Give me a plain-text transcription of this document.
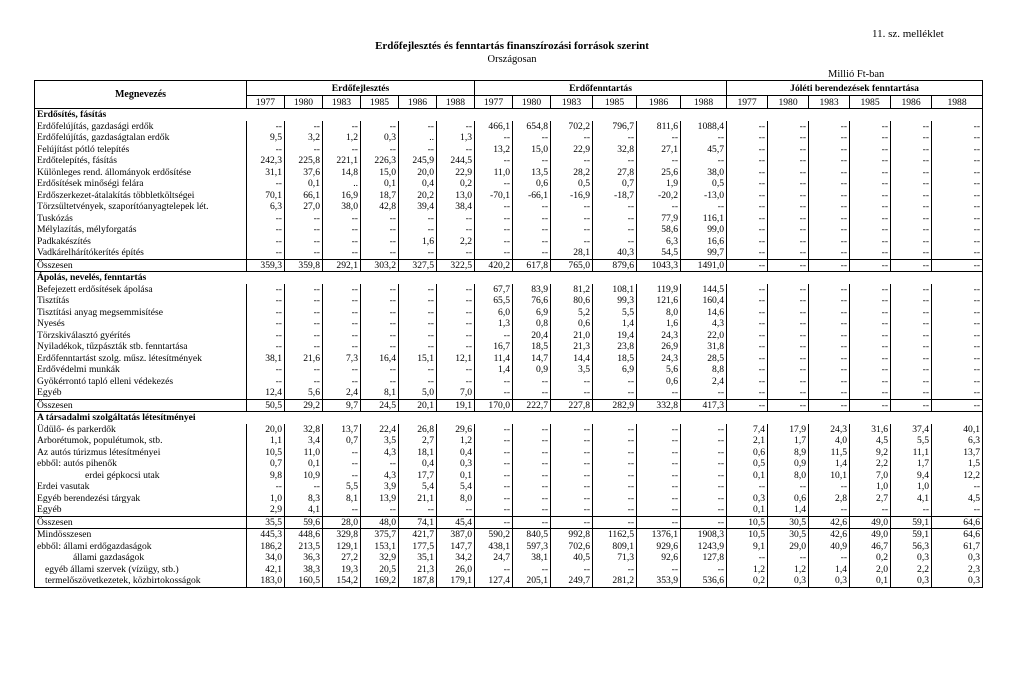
11. sz. melléklet
Erdőfejlesztés és fenntartás finanszírozási források szerint
Országosan
Millió Ft-ban
Megnevezés	Erdőfejlesztés						Erdőfenntartás						Jóléti berendezések fenntartása					
	1977	1980	1983	1985	1986	1988	1977	1980	1983	1985	1986	1988	1977	1980	1983	1985	1986	1988
Erdősítés, fásítás																		
Erdőfelújítás, gazdasági erdők	--	--	--	--	--	--	466,1	654,8	702,2	796,7	811,6	1088,4	--	--	--	--	--	--
Erdőfelújítás, gazdaságtalan erdők	9,5	3,2	1,2	0,3	..	1,3	--	--	--	--	--	--	--	--	--	--	--	--
Felújítást pótló telepítés	--	--	--	--	--	--	13,2	15,0	22,9	32,8	27,1	45,7	--	--	--	--	--	--
Erdőtelepítés, fásítás	242,3	225,8	221,1	226,3	245,9	244,5	--	--	--	--	--	--	--	--	--	--	--	--
Különleges rend. állományok erdősítése	31,1	37,6	14,8	15,0	20,0	22,9	11,0	13,5	28,2	27,8	25,6	38,0	--	--	--	--	--	--
Erdősítések minőségi felára	--	0,1	..	0,1	0,4	0,2	--	0,6	0,5	0,7	1,9	0,5	--	--	--	--	--	--
Erdőszerkezet-átalakítás többletköltségei	70,1	66,1	16,9	18,7	20,2	13,0	-70,1	-66,1	-16,9	-18,7	-20,2	-13,0	--	--	--	--	--	--
Törzsültetvények, szaporítóanyagtelepek lét.	6,3	27,0	38,0	42,8	39,4	38,4	--	--	--	--	--	--	--	--	--	--	--	--
Tuskózás	--	--	--	--	--	--	--	--	--	--	77,9	116,1	--	--	--	--	--	--
Mélylazítás, mélyforgatás	--	--	--	--	--	--	--	--	--	--	58,6	99,0	--	--	--	--	--	--
Padkakészítés	--	--	--	--	1,6	2,2	--	--	--	--	6,3	16,6	--	--	--	--	--	--
Vadkárelhárítókerítés építés	--	--	--	--	--	--	--	--	28,1	40,3	54,5	99,7	--	--	--	--	--	--
Összesen	359,3	359,8	292,1	303,2	327,5	322,5	420,2	617,8	765,0	879,6	1043,3	1491,0	--	--	--	--	--	--
Ápolás, nevelés, fenntartás																		
Befejezett erdősítések ápolása	--	--	--	--	--	--	67,7	83,9	81,2	108,1	119,9	144,5	--	--	--	--	--	--
Tisztítás	--	--	--	--	--	--	65,5	76,6	80,6	99,3	121,6	160,4	--	--	--	--	--	--
Tisztítási anyag megsemmisítése	--	--	--	--	--	--	6,0	6,9	5,2	5,5	8,0	14,6	--	--	--	--	--	--
Nyesés	--	--	--	--	--	--	1,3	0,8	0,6	1,4	1,6	4,3	--	--	--	--	--	--
Törzskiválasztó gyérítés	--	--	--	--	--	--	--	20,4	21,0	19,4	24,3	22,0	--	--	--	--	--	--
Nyiladékok, tűzpászták stb. fenntartása	--	--	--	--	--	--	16,7	18,5	21,3	23,8	26,9	31,8	--	--	--	--	--	--
Erdőfenntartást szolg. műsz. létesítmények	38,1	21,6	7,3	16,4	15,1	12,1	11,4	14,7	14,4	18,5	24,3	28,5	--	--	--	--	--	--
Erdővédelmi munkák	--	--	--	--	--	--	1,4	0,9	3,5	6,9	5,6	8,8	--	--	--	--	--	--
Gyökérrontó tapló elleni védekezés	--	--	--	--	--	--	--	--	--	--	0,6	2,4	--	--	--	--	--	--
Egyéb	12,4	5,6	2,4	8,1	5,0	7,0	--	--	--	--	--	--	--	--	--	--	--	--
Összesen	50,5	29,2	9,7	24,5	20,1	19,1	170,0	222,7	227,8	282,9	332,8	417,3	--	--	--	--	--	--
A társadalmi szolgáltatás létesítményei																		
Üdülő- és parkerdők	20,0	32,8	13,7	22,4	26,8	29,6	--	--	--	--	--	--	7,4	17,9	24,3	31,6	37,4	40,1
Arborétumok, populétumok, stb.	1,1	3,4	0,7	3,5	2,7	1,2	--	--	--	--	--	--	2,1	1,7	4,0	4,5	5,5	6,3
Az autós túrizmus létesítményei	10,5	11,0	--	4,3	18,1	0,4	--	--	--	--	--	--	0,6	8,9	11,5	9,2	11,1	13,7
ebből: autós pihenők	0,7	0,1	--	--	0,4	0,3	--	--	--	--	--	--	0,5	0,9	1,4	2,2	1,7	1,5
erdei gépkocsi utak	9,8	10,9	--	4,3	17,7	0,1	--	--	--	--	--	--	0,1	8,0	10,1	7,0	9,4	12,2
Erdei vasutak	--	--	5,5	3,9	5,4	5,4	--	--	--	--	--	--	--	--	--	1,0	1,0	--
Egyéb berendezési tárgyak	1,0	8,3	8,1	13,9	21,1	8,0	--	--	--	--	--	--	0,3	0,6	2,8	2,7	4,1	4,5
Egyéb	2,9	4,1	--	--	--	--	--	--	--	--	--	--	0,1	1,4	--	--	--	--
Összesen	35,5	59,6	28,0	48,0	74,1	45,4	--	--	--	--	--	--	10,5	30,5	42,6	49,0	59,1	64,6
Mindösszesen	445,3	448,6	329,8	375,7	421,7	387,0	590,2	840,5	992,8	1162,5	1376,1	1908,3	10,5	30,5	42,6	49,0	59,1	64,6
ebből: állami erdőgazdaságok	186,2	213,5	129,1	153,1	177,5	147,7	438,1	597,3	702,6	809,1	929,6	1243,9	9,1	29,0	40,9	46,7	56,3	61,7
állami gazdaságok	34,0	36,3	27,2	32,9	35,1	34,2	24,7	38,1	40,5	71,3	92,6	127,8	--	--	--	0,2	0,3	0,3
egyéb állami szervek (vízügy, stb.)	42,1	38,3	19,3	20,5	21,3	26,0	--	--	--	--	--	--	1,2	1,2	1,4	2,0	2,2	2,3
termelőszövetkezetek, közbirtokosságok	183,0	160,5	154,2	169,2	187,8	179,1	127,4	205,1	249,7	281,2	353,9	536,6	0,2	0,3	0,3	0,1	0,3	0,3
